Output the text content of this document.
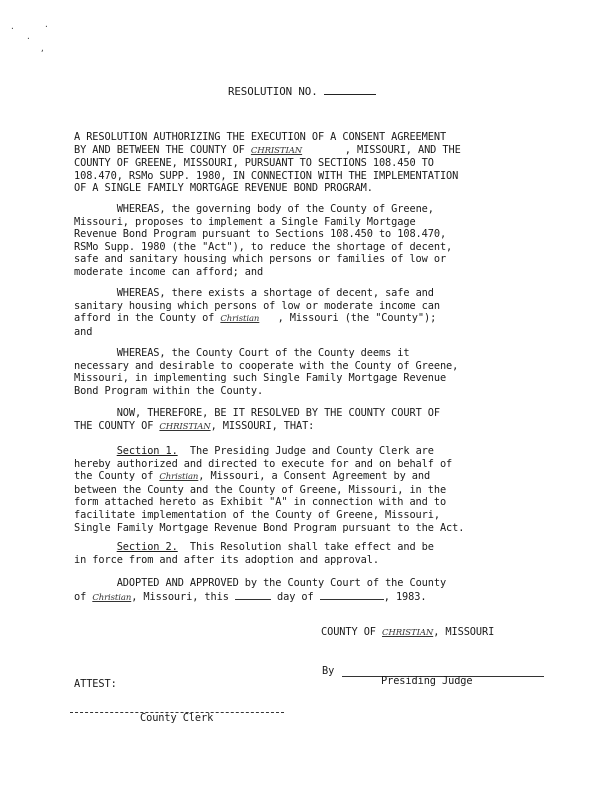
·	·
,
·
RESOLUTION NO.
A RESOLUTION AUTHORIZING THE EXECUTION OF A CONSENT AGREEMENT
BY AND BETWEEN THE COUNTY OF CHRISTIAN	, MISSOURI, AND THE
COUNTY OF GREENE, MISSOURI, PURSUANT TO SECTIONS 108.450 TO
108.470, RSMo SUPP. 1980, IN CONNECTION WITH THE IMPLEMENTATION
OF A SINGLE FAMILY MORTGAGE REVENUE BOND PROGRAM.
WHEREAS, the governing body of the County of Greene,
Missouri, proposes to implement a Single Family Mortgage
Revenue Bond Program pursuant to Sections 108.450 to 108.470,
RSMo Supp. 1980 (the "Act"), to reduce the shortage of decent,
safe and sanitary housing which persons or families of low or
moderate income can afford; and
WHEREAS, there exists a shortage of decent, safe and
sanitary housing which persons of low or moderate income can
afford in the County of Christian , Missouri (the "County");
and
WHEREAS, the County Court of the County deems it
necessary and desirable to cooperate with the County of Greene,
Missouri, in implementing such Single Family Mortgage Revenue
Bond Program within the County.
NOW, THEREFORE, BE IT RESOLVED BY THE COUNTY COURT OF
THE COUNTY OF CHRISTIAN, MISSOURI, THAT:
Section 1. The Presiding Judge and County Clerk are
hereby authorized and directed to execute for and on behalf of
the County of Christian, Missouri, a Consent Agreement by and
between the County and the County of Greene, Missouri, in the
form attached hereto as Exhibit "A" in connection with and to
facilitate implementation of the County of Greene, Missouri,
Single Family Mortgage Revenue Bond Program pursuant to the Act.
Section 2. This Resolution shall take effect and be
in force from and after its adoption and approval.
ADOPTED AND APPROVED by the County Court of the County
of Christian, Missouri, this	day of	, 1983.
COUNTY OF CHRISTIAN, MISSOURI
By
Presiding Judge
ATTEST:
County Clerk
